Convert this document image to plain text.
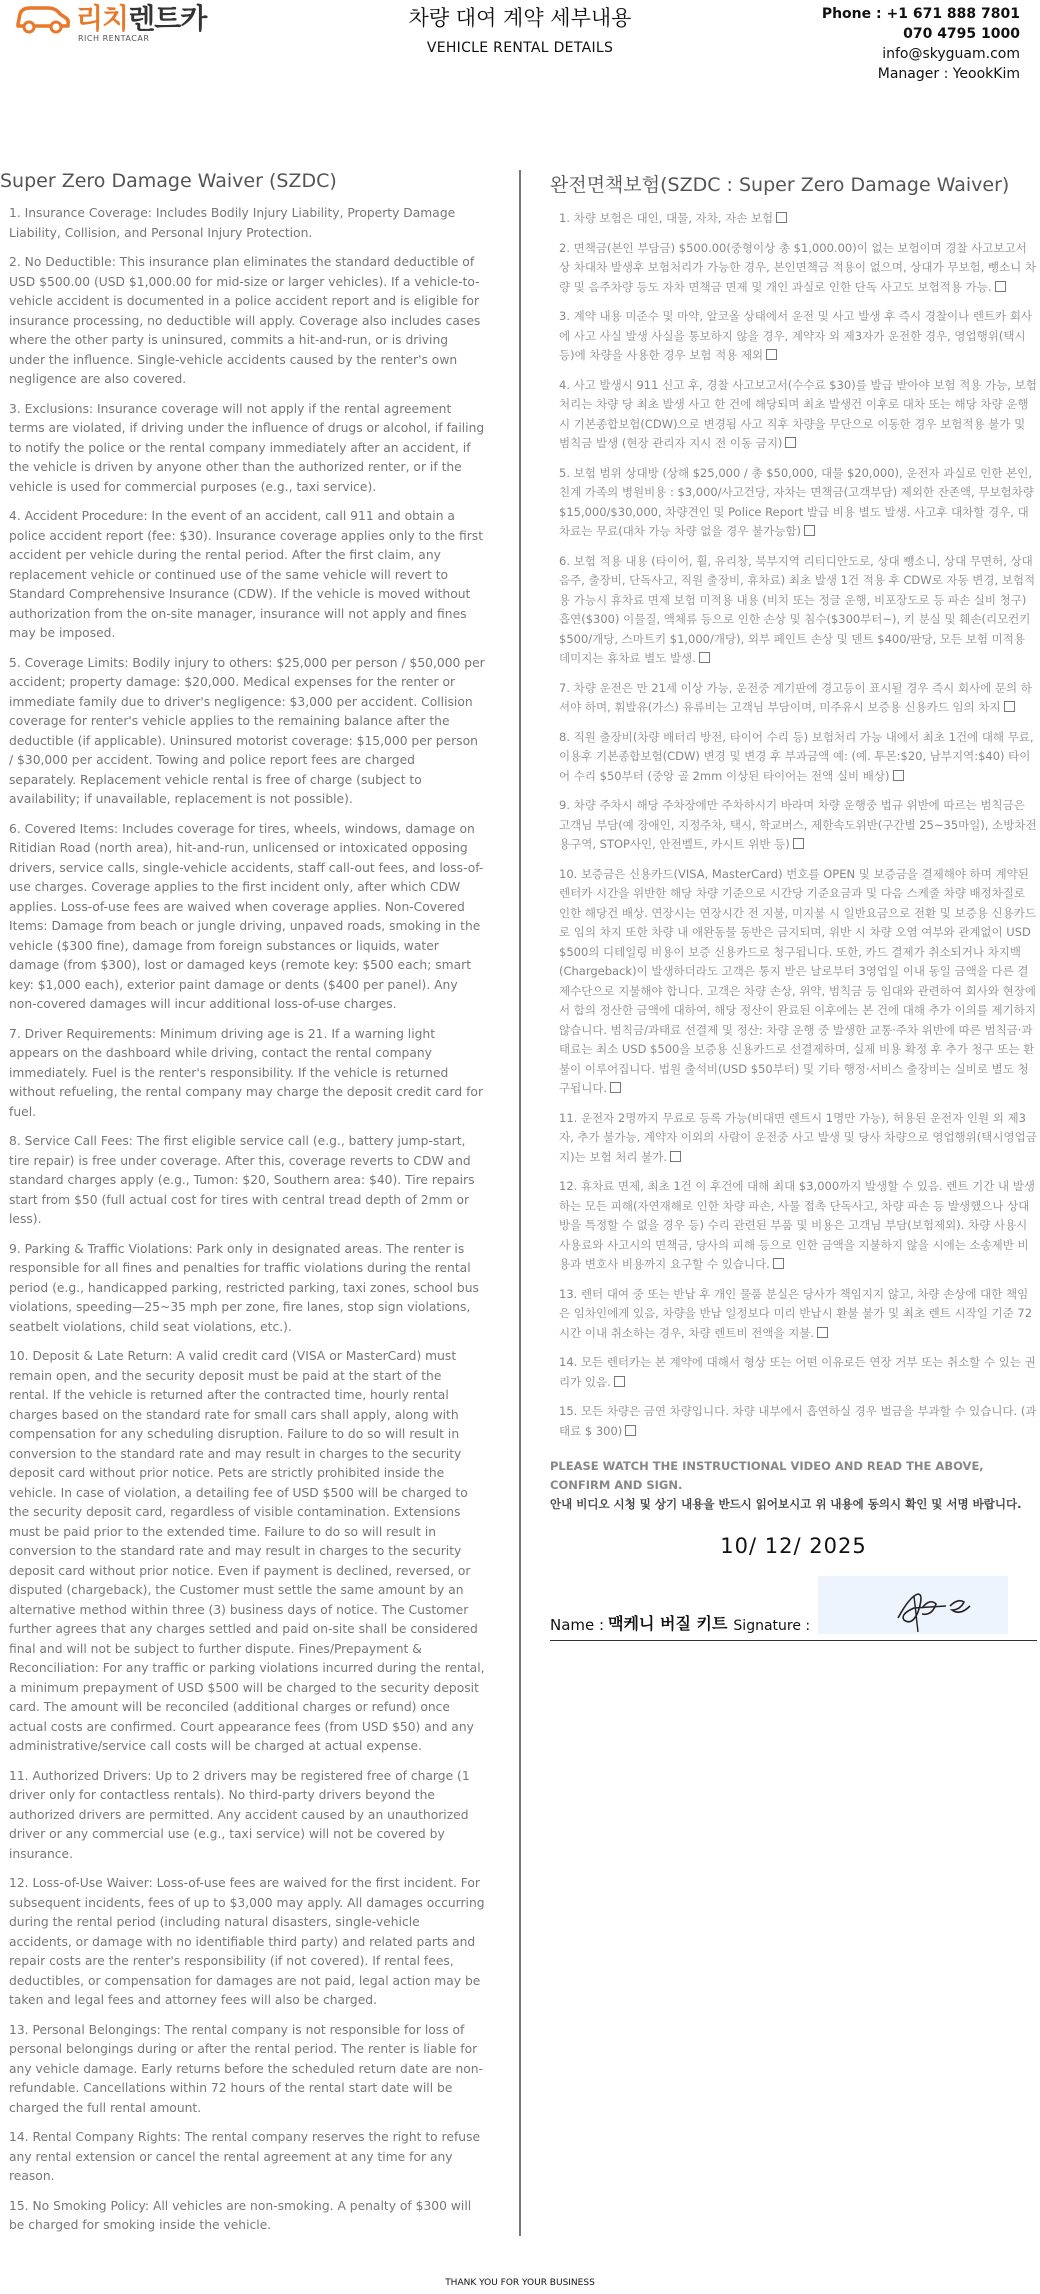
리치렌트카
RICH RENTACAR
차량 대여 계약 세부내용
VEHICLE RENTAL DETAILS
Phone : +1 671 888 7801
070 4795 1000
info@skyguam.com
Manager : YeookKim
Super Zero Damage Waiver (SZDC)

1. Insurance Coverage: Includes Bodily Injury Liability, Property Damage Liability, Collision, and Personal Injury Protection.

2. No Deductible: This insurance plan eliminates the standard deductible of USD $500.00 (USD $1,000.00 for mid-size or larger vehicles). If a vehicle-to-vehicle accident is documented in a police accident report and is eligible for insurance processing, no deductible will apply. Coverage also includes cases where the other party is uninsured, commits a hit-and-run, or is driving under the influence. Single-vehicle accidents caused by the renter's own negligence are also covered.

3. Exclusions: Insurance coverage will not apply if the rental agreement terms are violated, if driving under the influence of drugs or alcohol, if failing to notify the police or the rental company immediately after an accident, if the vehicle is driven by anyone other than the authorized renter, or if the vehicle is used for commercial purposes (e.g., taxi service).

4. Accident Procedure: In the event of an accident, call 911 and obtain a police accident report (fee: $30). Insurance coverage applies only to the first accident per vehicle during the rental period. After the first claim, any replacement vehicle or continued use of the same vehicle will revert to Standard Comprehensive Insurance (CDW). If the vehicle is moved without authorization from the on-site manager, insurance will not apply and fines may be imposed.

5. Coverage Limits: Bodily injury to others: $25,000 per person / $50,000 per accident; property damage: $20,000. Medical expenses for the renter or immediate family due to driver's negligence: $3,000 per accident. Collision coverage for renter's vehicle applies to the remaining balance after the deductible (if applicable). Uninsured motorist coverage: $15,000 per person / $30,000 per accident. Towing and police report fees are charged separately. Replacement vehicle rental is free of charge (subject to availability; if unavailable, replacement is not possible).

6. Covered Items: Includes coverage for tires, wheels, windows, damage on Ritidian Road (north area), hit-and-run, unlicensed or intoxicated opposing drivers, service calls, single-vehicle accidents, staff call-out fees, and loss-of-use charges. Coverage applies to the first incident only, after which CDW applies. Loss-of-use fees are waived when coverage applies. Non-Covered Items: Damage from beach or jungle driving, unpaved roads, smoking in the vehicle ($300 fine), damage from foreign substances or liquids, water damage (from $300), lost or damaged keys (remote key: $500 each; smart key: $1,000 each), exterior paint damage or dents ($400 per panel). Any non-covered damages will incur additional loss-of-use charges.

7. Driver Requirements: Minimum driving age is 21. If a warning light appears on the dashboard while driving, contact the rental company immediately. Fuel is the renter's responsibility. If the vehicle is returned without refueling, the rental company may charge the deposit credit card for fuel.

8. Service Call Fees: The first eligible service call (e.g., battery jump-start, tire repair) is free under coverage. After this, coverage reverts to CDW and standard charges apply (e.g., Tumon: $20, Southern area: $40). Tire repairs start from $50 (full actual cost for tires with central tread depth of 2mm or less).

9. Parking & Traffic Violations: Park only in designated areas. The renter is responsible for all fines and penalties for traffic violations during the rental period (e.g., handicapped parking, restricted parking, taxi zones, school bus violations, speeding—25~35 mph per zone, fire lanes, stop sign violations, seatbelt violations, child seat violations, etc.).

10. Deposit & Late Return: A valid credit card (VISA or MasterCard) must remain open, and the security deposit must be paid at the start of the rental. If the vehicle is returned after the contracted time, hourly rental charges based on the standard rate for small cars shall apply, along with compensation for any scheduling disruption. Failure to do so will result in conversion to the standard rate and may result in charges to the security deposit card without prior notice. Pets are strictly prohibited inside the vehicle. In case of violation, a detailing fee of USD $500 will be charged to the security deposit card, regardless of visible contamination. Extensions must be paid prior to the extended time. Failure to do so will result in conversion to the standard rate and may result in charges to the security deposit card without prior notice. Even if payment is declined, reversed, or disputed (chargeback), the Customer must settle the same amount by an alternative method within three (3) business days of notice. The Customer further agrees that any charges settled and paid on-site shall be considered final and will not be subject to further dispute. Fines/Prepayment & Reconciliation: For any traffic or parking violations incurred during the rental, a minimum prepayment of USD $500 will be charged to the security deposit card. The amount will be reconciled (additional charges or refund) once actual costs are confirmed. Court appearance fees (from USD $50) and any administrative/service call costs will be charged at actual expense.

11. Authorized Drivers: Up to 2 drivers may be registered free of charge (1 driver only for contactless rentals). No third-party drivers beyond the authorized drivers are permitted. Any accident caused by an unauthorized driver or any commercial use (e.g., taxi service) will not be covered by insurance.

12. Loss-of-Use Waiver: Loss-of-use fees are waived for the first incident. For subsequent incidents, fees of up to $3,000 may apply. All damages occurring during the rental period (including natural disasters, single-vehicle accidents, or damage with no identifiable third party) and related parts and repair costs are the renter's responsibility (if not covered). If rental fees, deductibles, or compensation for damages are not paid, legal action may be taken and legal fees and attorney fees will also be charged.

13. Personal Belongings: The rental company is not responsible for loss of personal belongings during or after the rental period. The renter is liable for any vehicle damage. Early returns before the scheduled return date are non-refundable. Cancellations within 72 hours of the rental start date will be charged the full rental amount.

14. Rental Company Rights: The rental company reserves the right to refuse any rental extension or cancel the rental agreement at any time for any reason.

15. No Smoking Policy: All vehicles are non-smoking. A penalty of $300 will be charged for smoking inside the vehicle.

완전면책보험(SZDC : Super Zero Damage Waiver)

1. 차량 보험은 대인, 대물, 자차, 자손 보험

2. 면책금(본인 부담금) $500.00(중형이상 총 $1,000.00)이 없는 보험이며 경찰 사고보고서 상 차대차 발생후 보험처리가 가능한 경우, 본인면책금 적용이 없으며, 상대가 무보험, 뺑소니 차량 및 음주차량 등도 자차 면책금 면제 및 개인 과실로 인한 단독 사고도 보험적용 가능.

3. 계약 내용 미준수 및 마약, 알코올 상태에서 운전 및 사고 발생 후 즉시 경찰이나 렌트카 회사에 사고 사실 발생 사실을 통보하지 않을 경우, 계약자 외 제3자가 운전한 경우, 영업행위(택시 등)에 차량을 사용한 경우 보험 적용 제외

4. 사고 발생시 911 신고 후, 경찰 사고보고서(수수료 $30)를 발급 받아야 보험 적용 가능, 보험처리는 차량 당 최초 발생 사고 한 건에 해당되며 최초 발생건 이후로 대차 또는 해당 차량 운행시 기본종합보험(CDW)으로 변경됨 사고 직후 차량을 무단으로 이동한 경우 보험적용 불가 및 범칙금 발생 (현장 관리자 지시 전 이동 금지)

5. 보험 범위 상대방 (상해 $25,000 / 총 $50,000, 대물 $20,000), 운전자 과실로 인한 본인, 친계 가족의 병원비용 : $3,000/사고건당, 자차는 면책금(고객부담) 제외한 잔존액, 무보험차량 $15,000/$30,000, 차량견인 및 Police Report 발급 비용 별도 발생. 사고후 대차할 경우, 대차료는 무료(대차 가능 차량 없을 경우 불가능함)

6. 보험 적용 내용 (타이어, 휠, 유리창, 북부지역 리티디안도로, 상대 뺑소니, 상대 무면허, 상대 음주, 출장비, 단독사고, 직원 출장비, 휴차료) 최초 발생 1건 적용 후 CDW로 자동 변경, 보험적용 가능시 휴차료 면제 보험 미적용 내용 (비치 또는 정글 운행, 비포장도로 등 파손 실비 청구) 흡연($300) 이물질, 액체류 등으로 인한 손상 및 침수($300부터~), 키 분실 및 훼손(리모컨키 $500/개당, 스마트키 $1,000/개당), 외부 페인트 손상 및 덴트 $400/판당, 모든 보험 미적용 데미지는 휴차료 별도 발생.

7. 차량 운전은 만 21세 이상 가능, 운전중 계기판에 경고등이 표시될 경우 즉시 회사에 문의 하셔야 하며, 휘발유(가스) 유류비는 고객님 부담이며, 미주유시 보증용 신용카드 임의 차지

8. 직원 출장비(차량 배터리 방전, 타이어 수리 등) 보험처리 가능 내에서 최초 1건에 대해 무료, 이용후 기본종합보험(CDW) 변경 및 변경 후 부과금액 예: (예. 투몬:$20, 남부지역:$40) 타이어 수리 $50부터 (중앙 골 2mm 이상된 타이어는 전액 실비 배상)

9. 차량 주차시 해당 주차장에만 주차하시기 바라며 차량 운행중 법규 위반에 따르는 범칙금은 고객님 부담(예 장애인, 지정주차, 택시, 학교버스, 제한속도위반(구간별 25~35마일), 소방차전용구역, STOP사인, 안전벨트, 카시트 위반 등)

10. 보증금은 신용카드(VISA, MasterCard) 번호를 OPEN 및 보증금을 결제해야 하며 계약된 렌터카 시간을 위반한 해당 차량 기준으로 시간당 기준요금과 및 다음 스케줄 차량 배정차질로 인한 해당건 배상. 연장시는 연장시간 전 지불, 미지불 시 일반요금으로 전환 및 보증용 신용카드로 임의 차지 또한 차량 내 애완동물 동반은 금지되며, 위반 시 차량 오염 여부와 관계없이 USD $500의 디테일링 비용이 보증 신용카드로 청구됩니다. 또한, 카드 결제가 취소되거나 차지백(Chargeback)이 발생하더라도 고객은 통지 받은 날로부터 3영업일 이내 동일 금액을 다른 결제수단으로 지불해야 합니다. 고객은 차량 손상, 위약, 범칙금 등 임대와 관련하여 회사와 현장에서 합의 정산한 금액에 대하여, 해당 정산이 완료된 이후에는 본 건에 대해 추가 이의를 제기하지 않습니다. 범칙금/과태료 선결제 및 정산: 차량 운행 중 발생한 교통·주차 위반에 따른 범칙금·과태료는 최소 USD $500을 보증용 신용카드로 선결제하며, 실제 비용 확정 후 추가 청구 또는 환불이 이루어집니다. 법원 출석비(USD $50부터) 및 기타 행정·서비스 출장비는 실비로 별도 청구됩니다.

11. 운전자 2명까지 무료로 등록 가능(비대면 렌트시 1명만 가능), 허용된 운전자 인원 외 제3자, 추가 불가능, 계약자 이외의 사람이 운전중 사고 발생 및 당사 차량으로 영업행위(택시영업금지)는 보험 처리 불가.

12. 휴차료 면제, 최초 1건 이 후건에 대해 최대 $3,000까지 발생할 수 있음. 렌트 기간 내 발생하는 모든 피해(자연재해로 인한 차량 파손, 사물 접촉 단독사고, 차량 파손 등 발생했으나 상대방을 특정할 수 없을 경우 등) 수리 관련된 부품 및 비용은 고객님 부담(보험제외). 차량 사용시 사용료와 사고시의 면책금, 당사의 피해 등으로 인한 금액을 지불하지 않을 시에는 소송제반 비용과 변호사 비용까지 요구할 수 있습니다.

13. 렌터 대여 중 또는 반납 후 개인 물품 분실은 당사가 책임지지 않고, 차량 손상에 대한 책임은 임차인에게 있음, 차량을 반납 일정보다 미리 반납시 환불 불가 및 최초 렌트 시작일 기준 72시간 이내 취소하는 경우, 차량 렌트비 전액을 지불.

14. 모든 렌터카는 본 계약에 대해서 형상 또는 어떤 이유로든 연장 거부 또는 취소할 수 있는 권리가 있음.

15. 모든 차량은 금연 차량입니다. 차량 내부에서 흡연하실 경우 벌금을 부과할 수 있습니다. (과태료 $ 300)

PLEASE WATCH THE INSTRUCTIONAL VIDEO AND READ THE ABOVE, CONFIRM AND SIGN.
안내 비디오 시청 및 상기 내용을 반드시 읽어보시고 위 내용에 동의시 확인 및 서명 바랍니다.
10/ 12/ 2025
Name : 맥케니 버질 키트 Signature :
THANK YOU FOR YOUR BUSINESS
